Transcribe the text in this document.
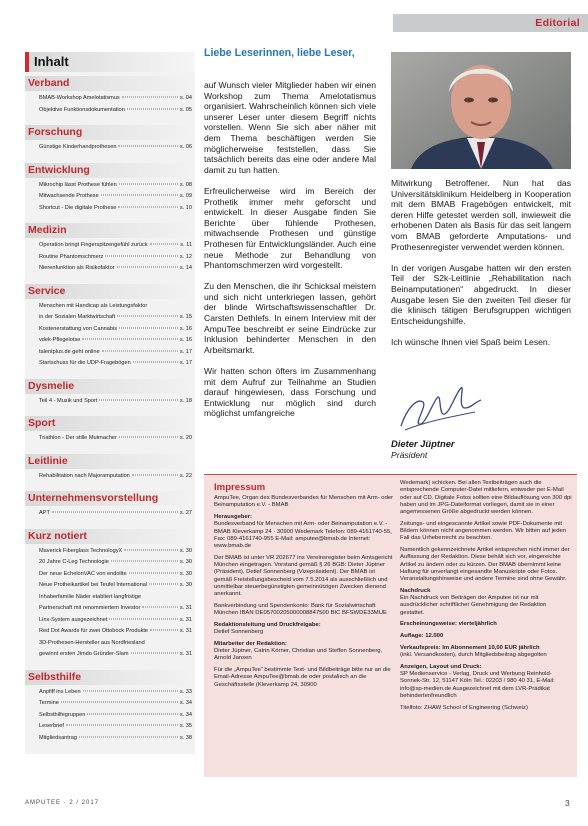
Editorial
Inhalt
Verband
BMAB-Workshop Amelotatismus	s. 04
Objektive Funktionsdokumentation	s. 05
Forschung
Günstige Kinderhandprothesen	s. 06
Entwicklung
Mikrochip lässt Prothese fühlen	s. 08
Mitwachsende Prothese	s. 09
Shortcut - Die digitale Prothese	s. 10
Medizin
Operation bringt Fingerspitzengefühl zurück	s. 11
Routine Phantomschmerz	s. 12
Nierenfunktion als Risikofaktor	s. 14
Service
Menschen mit Handicap als Leistungsfaktor
in der Sozialen Marktwirtschaft	s. 15
Kostenerstattung von Cannabis	s. 16
vdek-Pflegelotse	s. 16
talentplus.de geht online	s. 17
Startschuss für die UDP-Fragebögen	s. 17
Dysmelie
Teil 4 - Musik und Sport	s. 18
Sport
Triathlon - Der stille Mutmacher	s. 20
Leitlinie
Rehabilitation nach Majoramputation	s. 22
Unternehmensvorstellung
APT	s. 27
Kurz notiert
Maverick Fiberglass TechnologyX	s. 30
20 Jahre C-Leg Technologie	s. 30
Der neue EchelonVAC von endolite	s. 30
Neue Protheikartikel bei Teufel International	s. 30
Inhaberfamilie Näder etabliert langfristige
Partnerschaft mit renommiertem Investor	s. 31
Linx-System ausgezeichnet	s. 31
Red Dot Awards für zwei Ottobock Produkte	s. 31
3D-Prothesen-Hersteller aus Nordfriesland
gewinnt ersten Jimdo Gründer-Slam	s. 31
Selbsthilfe
Anpfiff ins Leben	s. 33
Termine	s. 34
Selbsthilfegruppen	s. 34
Leserbrief	s. 35
Mitgliedsantrag	s. 38
Liebe Leserinnen, liebe Leser,

auf Wunsch vieler Mitglieder haben wir einen Workshop zum Thema Amelotatismus organisiert. Wahrscheinlich können sich viele unserer Leser unter diesem Begriff nichts vorstellen. Wenn Sie sich aber näher mit dem Thema beschäftigen werden Sie möglicherweise feststellen, dass Sie tatsächlich bereits das eine oder andere Mal damit zu tun hatten.

Erfreulicherweise wird im Bereich der Prothetik immer mehr geforscht und entwickelt. In dieser Ausgabe finden Sie Berichte über fühlende Prothesen, mitwachsende Prothesen und günstige Prothesen für Entwicklungsländer. Auch eine neue Methode zur Behandlung von Phantomschmerzen wird vorgestellt.

Zu den Menschen, die ihr Schicksal meistern und sich nicht unterkriegen lassen, gehört der blinde Wirtschaftswissenschaftler Dr. Carsten Dethlefs. In einem Interview mit der AmpuTee beschreibt er seine Eindrücke zur Inklusion behinderter Menschen in den Arbeitsmarkt.

Wir hatten schon öfters im Zusammenhang mit dem Aufruf zur Teilnahme an Studien darauf hingewiesen, dass Forschung und Entwicklung nur möglich sind durch möglichst umfangreiche

Mitwirkung Betroffener. Nun hat das Universitätsklinikum Heidelberg in Kooperation mit dem BMAB Fragebögen entwickelt, mit deren Hilfe getestet werden soll, inwieweit die erhobenen Daten als Basis für das seit langem vom BMAB geforderte Amputations- und Prothesenregister verwendet werden können.

In der vorigen Ausgabe hatten wir den ersten Teil der S2k-Leitlinie „Rehabilitation nach Beinamputationen“ abgedruckt. In dieser Ausgabe lesen Sie den zweiten Teil dieser für die klinisch tätigen Berufsgruppen wichtigen Entscheidungshilfe.

Ich wünsche Ihnen viel Spaß beim Lesen.

Dieter Jüptner
Präsident
Impressum

AmpuTee, Organ des Bundesverbandes für Menschen mit Arm- oder Beinamputation e.V. - BMAB

Herausgeber:
Bundesverband für Menschen mit Arm- oder Beinamputation e.V. - BMAB Kleverkamp 24 · 30900 Wedemark Telefon: 089-4161740-55, Fax: 089-4161740-955 E-Mail: amputee@bmab.de Internet: www.bmab.de

Der BMAB ist unter VR 202677 ins Vereinsregister beim Amtsgericht München eingetragen. Vorstand gemäß § 26 BGB: Dieter Jüptner (Präsident), Detlef Sonnenberg (Vizepräsident). Der BMAB ist gemäß Freistellungsbescheid vom 7.5.2014 als ausschließlich und unmittelbar steuerbegünstigten gemeinnützigen Zwecken dienend anerkannt.

Bankverbindung und Spendenkonto: Bank für Sozialwirtschaft München IBAN DE05700205000008847500 BIC BFSWDE33MUE

Redaktionsleitung und Druckfreigabe:
Detlef Sonnenberg

Mitarbeiter der Redaktion:
Dieter Jüptner, Catrin Körner, Christian und Steffen Sonnenberg, Arnold Jansen

Für die „AmpuTee“ bestimmte Text- und Bildbeiträge bitte nur an die Email-Adresse AmpuTee@bmab.de oder postalisch an die Geschäftsstelle (Kleverkamp 24, 30900

Wedemark) schicken. Bei allen Textbeiträgen auch die entsprechende Computer-Datei mitliefern, entweder per E-Mail oder auf CD. Digitale Fotos sollten eine Bildauflösung von 300 dpi haben und im JPG-Dateiformat vorliegen, damit sie in einer angemessenen Größe abgedruckt werden können.

Zeitungs- und eingescannte Artikel sowie PDF-Dokumente mit Bildern können nicht angenommen werden. Wir bitten auf jeden Fall das Urheberrecht zu beachten.

Namentlich gekennzeichnete Artikel entsprechen nicht immer der Auffassung der Redaktion. Diese behält sich vor, eingereichte Artikel zu ändern oder zu kürzen. Der BMAB übernimmt keine Haftung für unverlangt eingesandte Manuskripte oder Fotos. Veranstaltungshinweise und andere Termine sind ohne Gewähr.

Nachdruck
Ein Nachdruck von Beiträgen der Amputee ist nur mit ausdrücklicher schriftlicher Genehmigung der Redaktion gestattet.

Erscheinungsweise: vierteljährlich

Auflage: 12.000

Verkaufspreis: Im Abonnement 10,00 EUR jährlich
(inkl. Versandkosten), durch Mitgliedsbeitrag abgegolten

Anzeigen, Layout und Druck:
SP Medienservice - Verlag, Druck und Werbung Reinhold-Sonnek-Str. 12, 51147 Köln Tel.: 02203 / 980 40 31, E-Mail: info@sp-medien.de Ausgezeichnet mit dem LVR-Prädikat behindertenfreundlich

Titelfoto: ZHAW School of Engineering (Schweiz)

AMPUTEE · 2 / 2017	3
